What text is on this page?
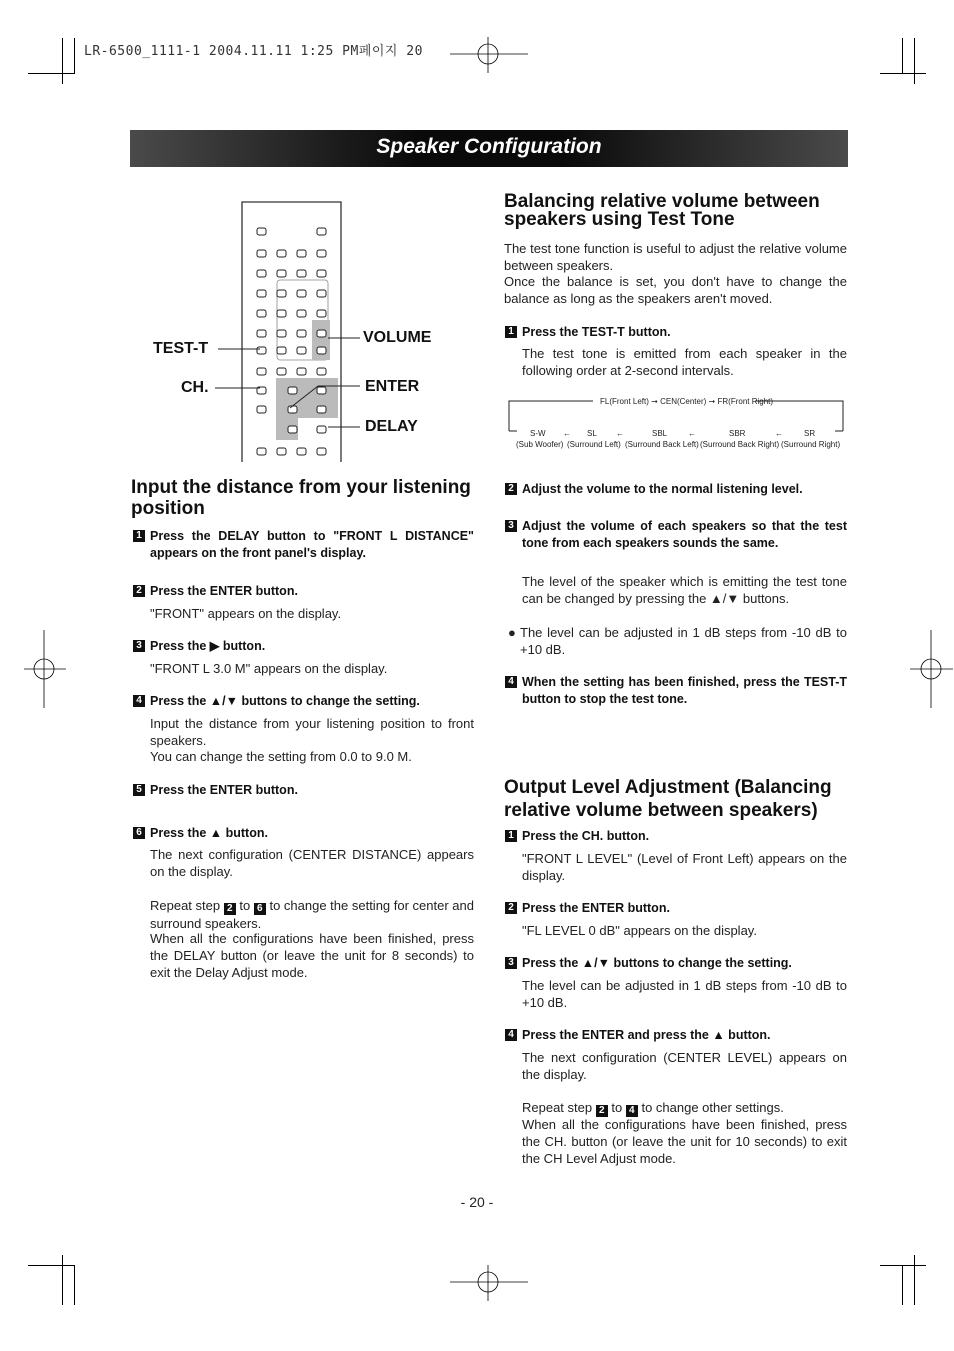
LR-6500_1111-1 2004.11.11 1:25 PM페이지 20
Speaker Configuration
TEST-T
CH.
VOLUME
ENTER
DELAY
Input the distance from your listening position
1 Press the DELAY button to "FRONT L DISTANCE" appears on the front panel's display.
2 Press the ENTER button.
"FRONT" appears on the display.
3 Press the ▶ button.
"FRONT L 3.0 M" appears on the display.
4 Press the ▲/▼ buttons to change the setting.
Input the distance from your listening position to front speakers.
You can change the setting from 0.0 to 9.0 M.
5 Press the ENTER button.
6 Press the ▲ button.
The next configuration (CENTER DISTANCE) appears on the display.
Repeat step 2 to 6 to change the setting for center and surround speakers.
When all the configurations have been finished, press the DELAY button (or leave the unit for 8 seconds) to exit the Delay Adjust mode.
Balancing relative volume between speakers using Test Tone
The test tone function is useful to adjust the relative volume between speakers.
Once the balance is set, you don't have to change the balance as long as the speakers aren't moved.
1 Press the TEST-T button.
The test tone is emitted from each speaker in the following order at 2-second intervals.
FL(Front Left) ➞ CEN(Center) ➞ FR(Front Right)
S-W ← SL ←	SBL	←	SBR	←	SR
(Sub Woofer) (Surround Left) (Surround Back Left) (Surround Back Right) (Surround Right)
2 Adjust the volume to the normal listening level.
3 Adjust the volume of each speakers so that the test tone from each speakers sounds the same.
The level of the speaker which is emitting the test tone can be changed by pressing the ▲/▼ buttons.
● The level can be adjusted in 1 dB steps from -10 dB to +10 dB.
4 When the setting has been finished, press the TEST-T button to stop the test tone.
Output Level Adjustment (Balancing relative volume between speakers)
1 Press the CH. button.
"FRONT L LEVEL" (Level of Front Left) appears on the display.
2 Press the ENTER button.
"FL LEVEL 0 dB" appears on the display.
3 Press the ▲/▼ buttons to change the setting.
The level can be adjusted in 1 dB steps from -10 dB to +10 dB.
4 Press the ENTER and press the ▲ button.
The next configuration (CENTER LEVEL) appears on the display.
Repeat step 2 to 4 to change other settings.
When all the configurations have been finished, press the CH. button (or leave the unit for 10 seconds) to exit the CH Level Adjust mode.
- 20 -
